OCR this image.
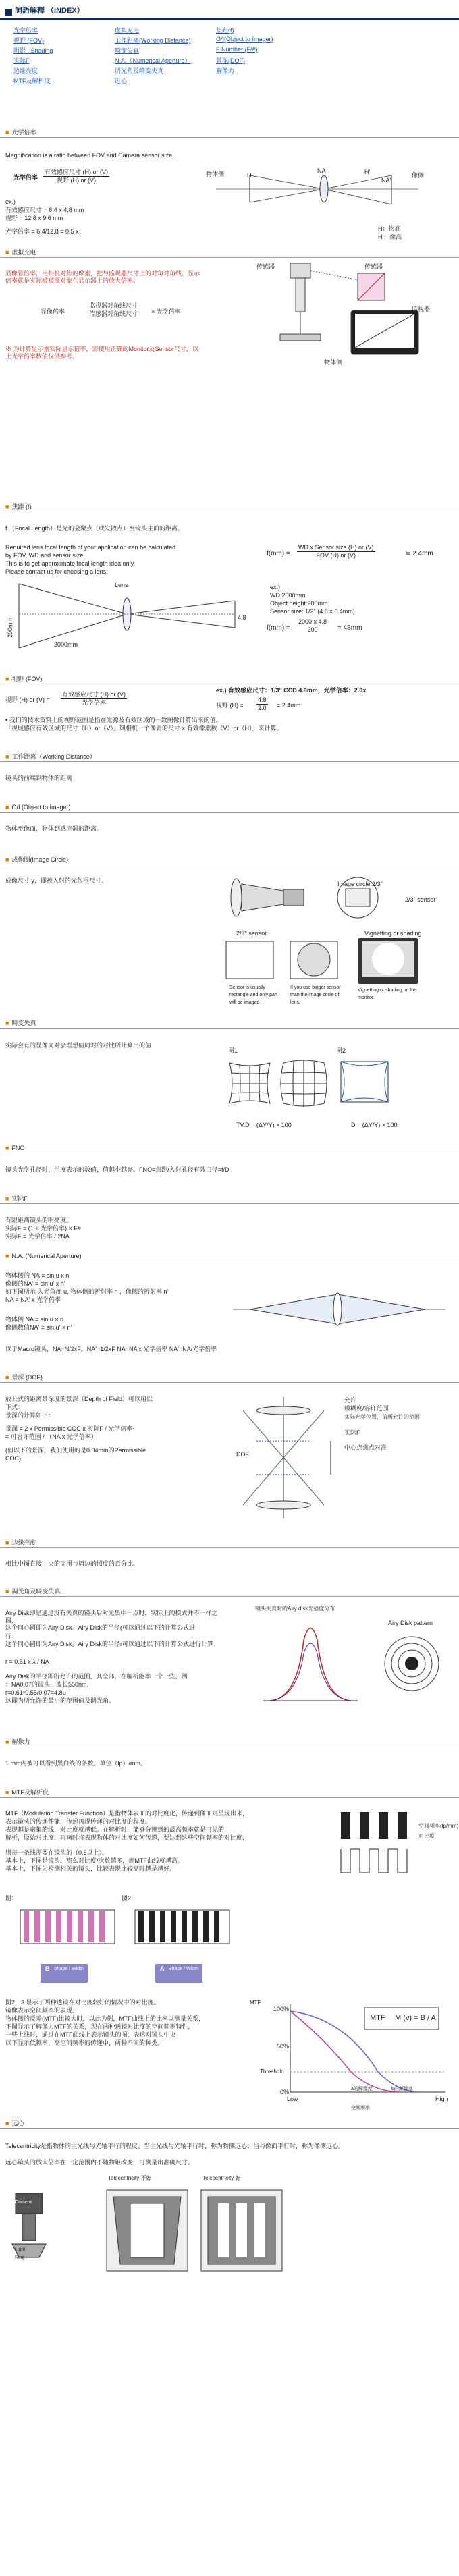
詞語解釋 （INDEX）
光学倍率	虚拟充电	焦距(f)
视野 (FOV)	工作距离(Working Distance)	O/I(Object to Imager)
阴影 , Shading	畸变失真	F Number (F/#)
实际F	N.A.（Numerical Aperture）	景深(DOF)
边缘亮度	调光角及畸变失真	解像力
MTF及解析度	远心
■ 光学倍率
Magnification is a ratio between FOV and Camera sensor size.
光学倍率 $\frac{\text{有效感应尺寸 (H) or (V)}}{\text{视野 (H) or (V)}}$
ex.)
有效感应尺寸 = 6.4 x 4.8 mm
视野 = 12.8 x 9.6 mm
光学倍率 = 6.4/12.8 = 0.5 x
物体侧	H
NA	H'
NA'
像侧
H：物高
H'：像高
■ 虚拟充电
显像管倍率，用相机对焦的像素，把与监视器尺寸上的对角对角线，显示倍率就是实际被被摄对象在显示器上的放大倍率。
显像倍率	$\frac{\text{监视器对角线尺寸}}{\text{传感器对角线尺寸}}$ × 光学倍率
※ 为计算显示器实际显示倍率，需使用正确的Monitor及Sensor尺寸，以上光学倍率数值仅供参考。
传感器
监视器
传感器
物体侧
■ 焦距 (f)
f （Focal Length）是光的会聚点（或发散点）至镜头主面的距离。
Required lens focal length of your application can be calculated
by FOV, WD and sensor size.
This is to get approximate focal length idea only.
Please contact us for choosing a lens.
Lens
2000mm
200mm	4.8
$f(mm) = \frac{\text{WD x Sensor size (H) or (V)}}{\text{FOV (H) or (V)}}$	≒ 2.4mm
ex.)
WD:2000mm
Object height:200mm
Sensor size: 1/2" (4.8 x 6.4mm)
$f(mm) = \frac{2000 x 4.8}{200} = 48mm$
■ 视野 (FOV)
视野 (H) or $(V) = \frac{\text{有效感应尺寸 (H) or (V)}}{\text{光学倍率}}$
ex.) 有效感应尺寸：1/3" CCD 4.8mm，光学倍率：2.0x
视野 $(H) = \frac{4.8}{2.0} = 2.4mm$
• 我们的技术资料上的视野范围是指在光源及有效区域的一致图像计算出来的值。
「视域感应有效区域的尺寸（H）or（V）」與相机一个像素的尺寸 x 有效像素数（V）or（H）」来计算。
■ 工作距离（Working Distance）
镜头的前端到物体的距离
■ O/I (Object to Imager)
物体至像面，物体到感应器的距离。
■ 成像圈(Image Circle)
成像尺寸 y，即被入射的光包围尺寸。	Image circle 2/3"
2/3" sensor
2/3" sensor	Vignetting or shading
Sensor is usually rectangle and only part will be imaged.
If you use bigger sensor than the image circle of lens,
Vignetting or shading on the monitor.
■ 畸变失真
实际会有的显像同对会理想值同对的对比所计算出的值
图1	图2
TV.D = (ΔY/Y) × 100	D = (ΔY/Y) × 100
■ FNO
镜头光学孔径时，用度表示的数值，值越小越亮。FNO=焦距/入射孔径有效口径=f/D
■ 实际F
有限距离镜头的明亮度。
实际F = (1 + 光学倍率) × F#
实际F = 光学倍率 / 2NA
■ N.A. (Numerical Aperture)
物体侧的 NA = sin u x n
像侧的NA' = sin u' x n'
如下图所示 入光角度 u, 物体侧的折射率 n ，像侧的折射率 n'
NA = NA' x 光学倍率
物体侧 NA = sin u × n
像侧数值NA' = sin u' × n'
以于Macro镜头，NA=N/2xF，NA'=1/2xF NA=NA'x 光学倍率 NA'=NA/光学倍率
■ 景深 (DOF)
放公式的距离景深度的景深（Depth of Field）可以用以
下式：
景深的计算如下：
景深 = 2 x Permissible COC x 实际F / 光学倍率²
= 可容许范围 / （NA x 光学倍率）
(但以下的景深，我们使用的是0.04mm的Permissible
COC)
DOF
允许
模糊度/容许范围
实际F
中心点焦点对准
实际光学位置，前所允许的范围
■ 边缘亮度
相比中图直接中央的周围与周边的照度的百分比。
■ 調光角及畸变失真
Airy Disk即是通过没有失真的镜头后对光集中一点时，实际上的模式并不一样之圆，
这个同心圆即为Airy Disk。Airy Disk的半径(可以通过以下的计算公式进
行：
这个同心圆即为Airy Disk。Airy Disk的半径r可以通过以下的计算公式进行计算：
r = 0.61 x λ / NA
Airy Disk的半径即所允许的范围，其全部，在解析能率一个一些，例
：NA0.07的镜头，波长550nm,
r=0.61*0.55/0.07=4.8μ
这即为所允许的最小的范围值及调光角。
镜头失真时的Airy disk光强度分布
Airy Disk pattern
■ 解像力
1 mm内被可以看到黑白线的条数。单位（lp）/mm。
■ MTF及解析度
MTF（Modulation Transfer Function）是指物体表面的对比度化，传递到像面则呈现出来，
表示镜头的传递性能，传递再现传递的对比度的程度。
表现越是密集的线，对比度就越低。在解析时，能够分辨到的最高频率就是可见的
解析，原始对比度，再画时将表现物体的对比度如何传递，要达到这些空间频率的对比度，
则每一条线需要在镜头的（0.5以上）。
基本上，下图是镜头，那么对比度/次数越多，而MTF曲线就越高。
基本上，下图为检测相关的镜头，比较表现比较高时越是越好。
空间频率(lp/mm)
对比度
图1	图2
B Shape / Width	A Shape / Width
图2，3 显示了两种透镜在对比度较好的情况中的对比度。
镜像表示空间频率的表现。
物体侧的反差(MTF)比较大时，以此为例，MTF曲线上的比率以测量关系，
下图显示了解像力MTF的关系，现在两种透镜对比度的空间频率特性，
一些上线时，通过在MTF曲线上表示镜头的图，表达对镜头中央
以下显示低频率，高空间频率的传递中，两种不同的种类。
100%
50%
0%
Threshold
Low	High
MTF
MTF M (ν) = B / A
a的解像度	b的解像度
空间频率
■ 远心
Telecentricity是指物体的主光线与光轴平行的程度。当主光线与光轴平行时，称为物侧远心；当与像面平行时，称为像侧远心。
远心镜头的放大倍率在一定范围内不随物距改变，可测量出准确尺寸。
Telecentricity 不好	Telecentricity 好
Camera
Light
Ring
